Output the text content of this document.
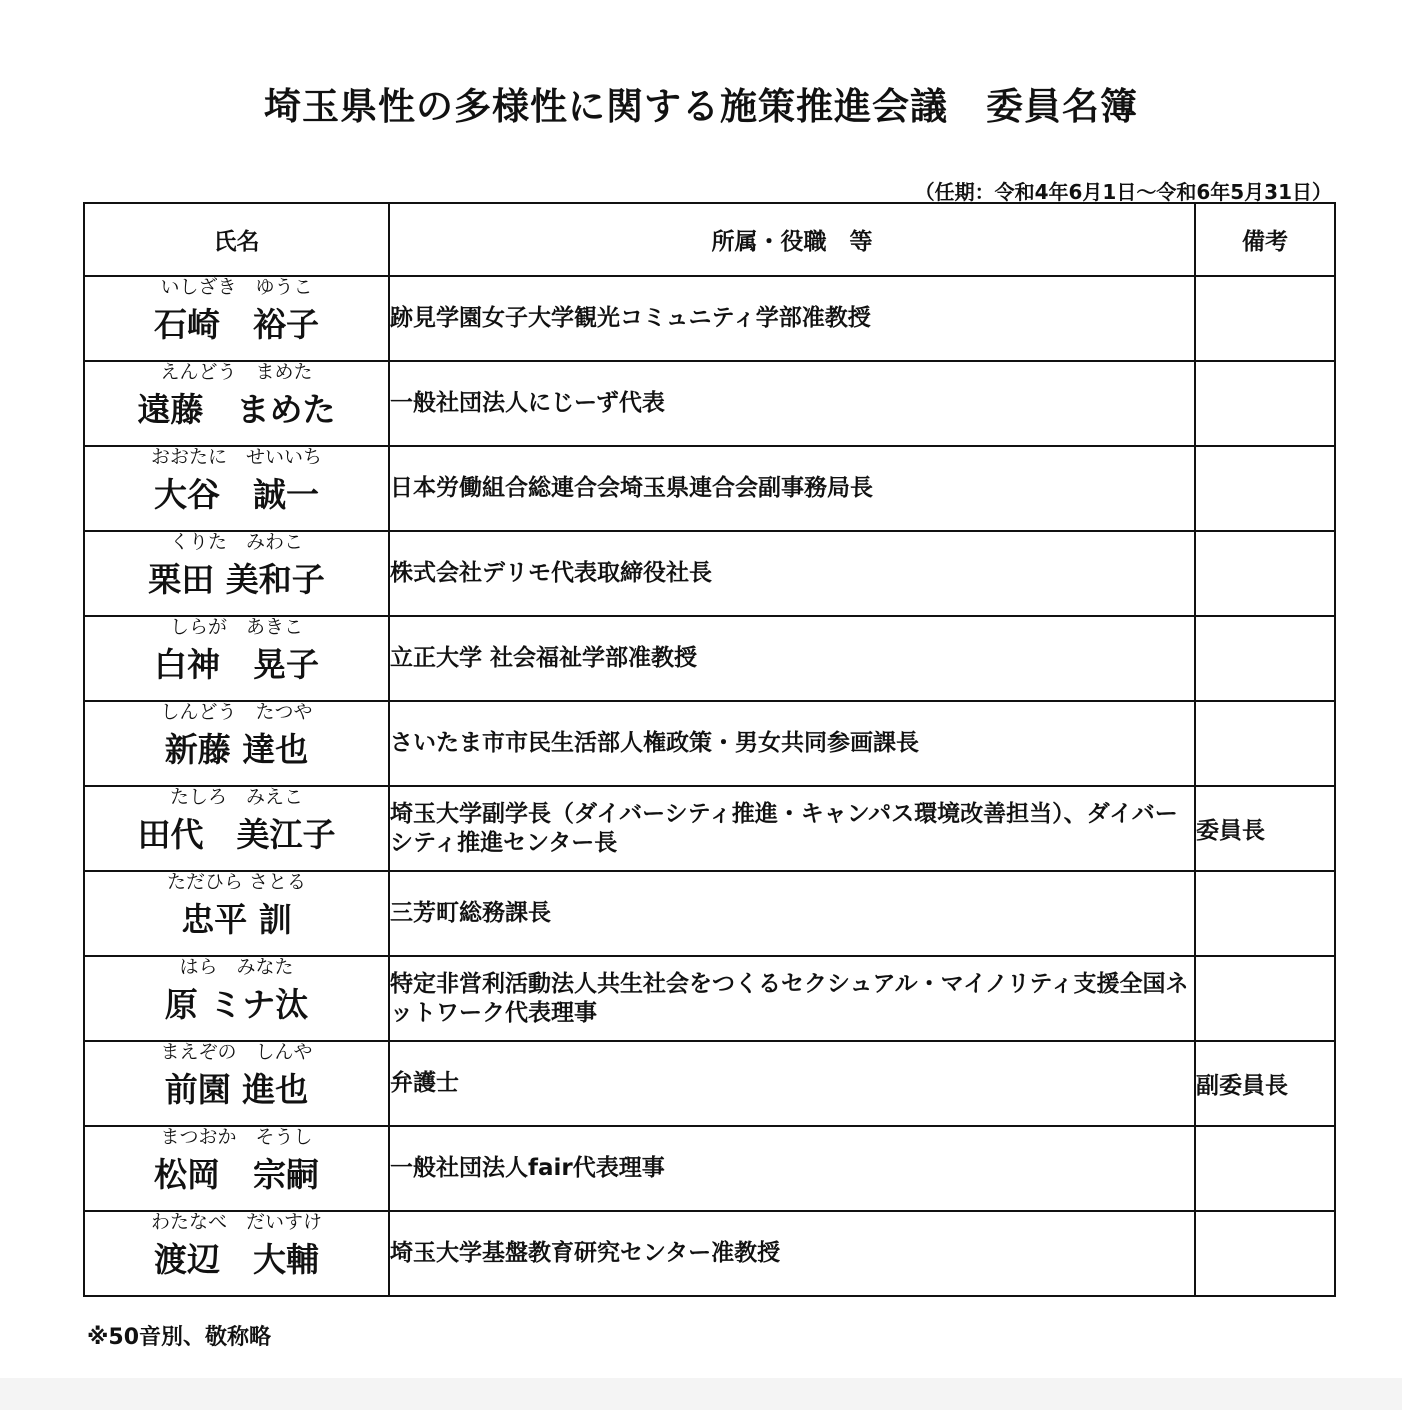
埼玉県性の多様性に関する施策推進会議　委員名簿
（任期：令和4年6月1日～令和6年5月31日）
氏名	所属・役職　等	備考

いしざき　ゆうこ
石崎　裕子	跡見学園女子大学観光コミュニティ学部准教授	

えんどう　まめた
遠藤　まめた	一般社団法人にじーず代表	

おおたに　せいいち
大谷　誠一	日本労働組合総連合会埼玉県連合会副事務局長	

くりた　みわこ
栗田 美和子	株式会社デリモ代表取締役社長	

しらが　あきこ
白神　晃子	立正大学 社会福祉学部准教授	

しんどう　たつや
新藤 達也	さいたま市市民生活部人権政策・男女共同参画課長	

たしろ　みえこ
田代　美江子	埼玉大学副学長（ダイバーシティ推進・キャンパス環境改善担当）、ダイバーシティ推進センター長	委員長

ただひら さとる
忠平 訓	三芳町総務課長	

はら　みなた
原 ミナ汰	特定非営利活動法人共生社会をつくるセクシュアル・マイノリティ支援全国ネットワーク代表理事	

まえぞの　しんや
前園 進也	弁護士	副委員長

まつおか　そうし
松岡　宗嗣	一般社団法人fair代表理事	

わたなべ　だいすけ
渡辺　大輔	埼玉大学基盤教育研究センター准教授	
※50音別、敬称略
